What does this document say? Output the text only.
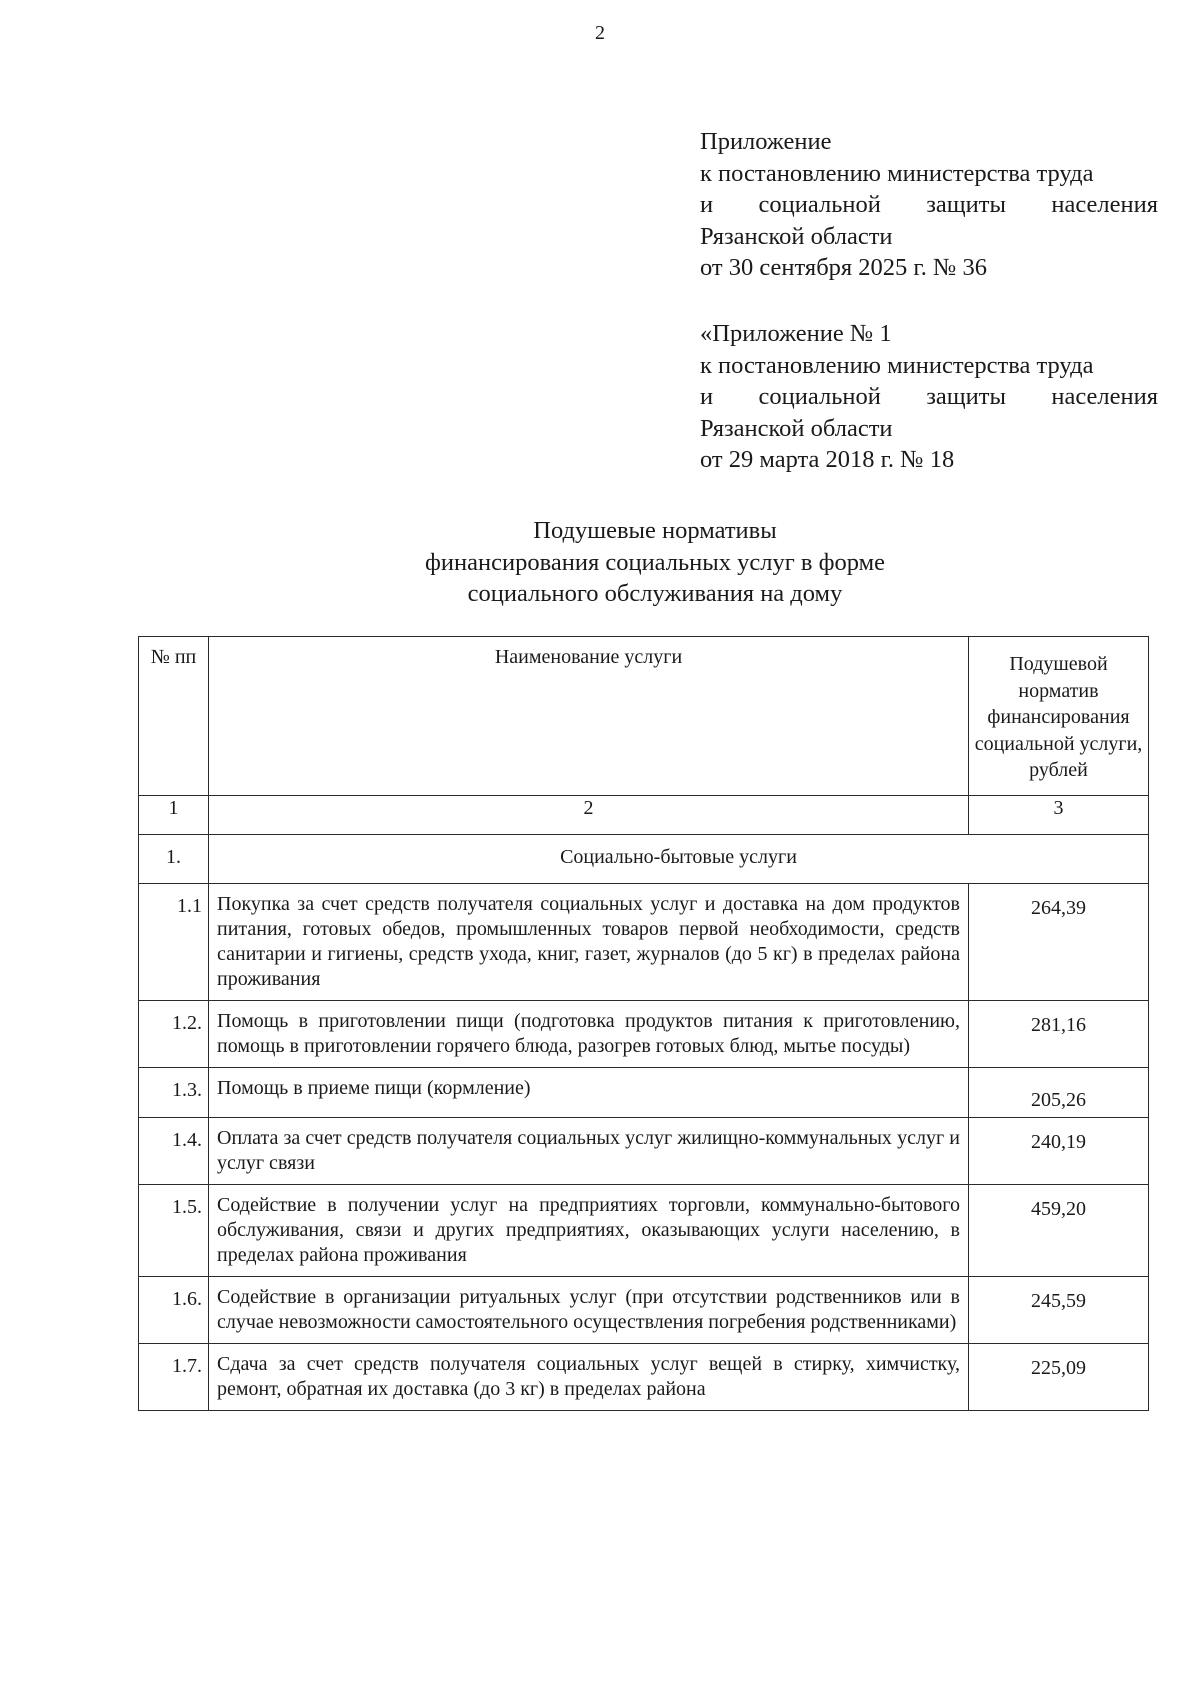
2
Приложение
к постановлению министерства труда
и социальной защиты населения
Рязанской области
от 30 сентября 2025 г. № 36
«Приложение № 1
к постановлению министерства труда
и социальной защиты населения
Рязанской области
от 29 марта 2018 г. № 18
Подушевые нормативы
финансирования социальных услуг в форме
социального обслуживания на дому
№ пп	Наименование услуги	Подушевой норматив финансирования социальной услуги, рублей
1	2	3
1.	Социально-бытовые услуги	
1.1	Покупка за счет средств получателя социальных услуг и доставка на дом продуктов питания, готовых обедов, промышленных товаров первой необходимости, средств санитарии и гигиены, средств ухода, книг, газет, журналов (до 5 кг) в пределах района проживания	264,39
1.2.	Помощь в приготовлении пищи (подготовка продуктов питания к приготовлению, помощь в приготовлении горячего блюда, разогрев готовых блюд, мытье посуды)	281,16
1.3.	Помощь в приеме пищи (кормление)	205,26
1.4.	Оплата за счет средств получателя социальных услуг жилищно-коммунальных услуг и услуг связи	240,19
1.5.	Содействие в получении услуг на предприятиях торговли, коммунально-бытового обслуживания, связи и других предприятиях, оказывающих услуги населению, в пределах района проживания	459,20
1.6.	Содействие в организации ритуальных услуг (при отсутствии родственников или в случае невозможности самостоятельного осуществления погребения родственниками)	245,59
1.7.	Сдача за счет средств получателя социальных услуг вещей в стирку, химчистку, ремонт, обратная их доставка (до 3 кг) в пределах района	225,09
